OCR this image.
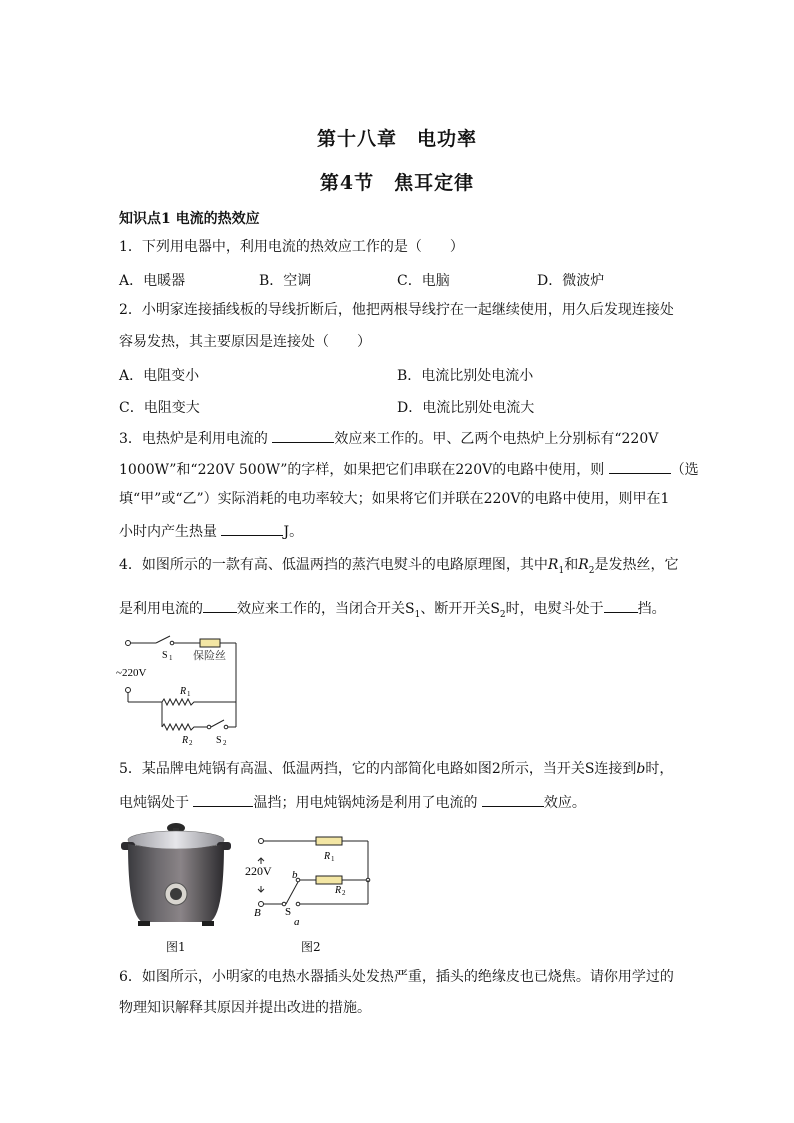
第十八章　电功率
第4节　焦耳定律
知识点1 电流的热效应
1．下列用电器中，利用电流的热效应工作的是（　　）
A．电暖器	B．空调	C．电脑	D．微波炉
2．小明家连接插线板的导线折断后，他把两根导线拧在一起继续使用，用久后发现连接处
容易发热，其主要原因是连接处（　　）
A．电阻变小	B．电流比别处电流小
C．电阻变大	D．电流比别处电流大
3．电热炉是利用电流的	效应来工作的。甲、乙两个电热炉上分别标有“220V
1000W”和“220V 500W”的字样，如果把它们串联在220V的电路中使用，则	（选
填“甲”或“乙”）实际消耗的电功率较大；如果将它们并联在220V的电路中使用，则甲在1
小时内产生热量	J。
4．如图所示的一款有高、低温两挡的蒸汽电熨斗的电路原理图，其中$R_1$和$R_2$是发热丝，它
是利用电流的 效应来工作的，当闭合开关$S_1$、断开开关$S_2$时，电熨斗处于 挡。
S 1 保险丝
~220V
R 1
R 2 S 2
5．某品牌电炖锅有高温、低温两挡，它的内部简化电路如图2所示，当开关S连接到b时，
电炖锅处于	温挡；用电炖锅炖汤是利用了电流的	效应。
图1
220V
R 1
R 2
b
B S
a
图2
6．如图所示，小明家的电热水器插头处发热严重，插头的绝缘皮也已烧焦。请你用学过的
物理知识解释其原因并提出改进的措施。
